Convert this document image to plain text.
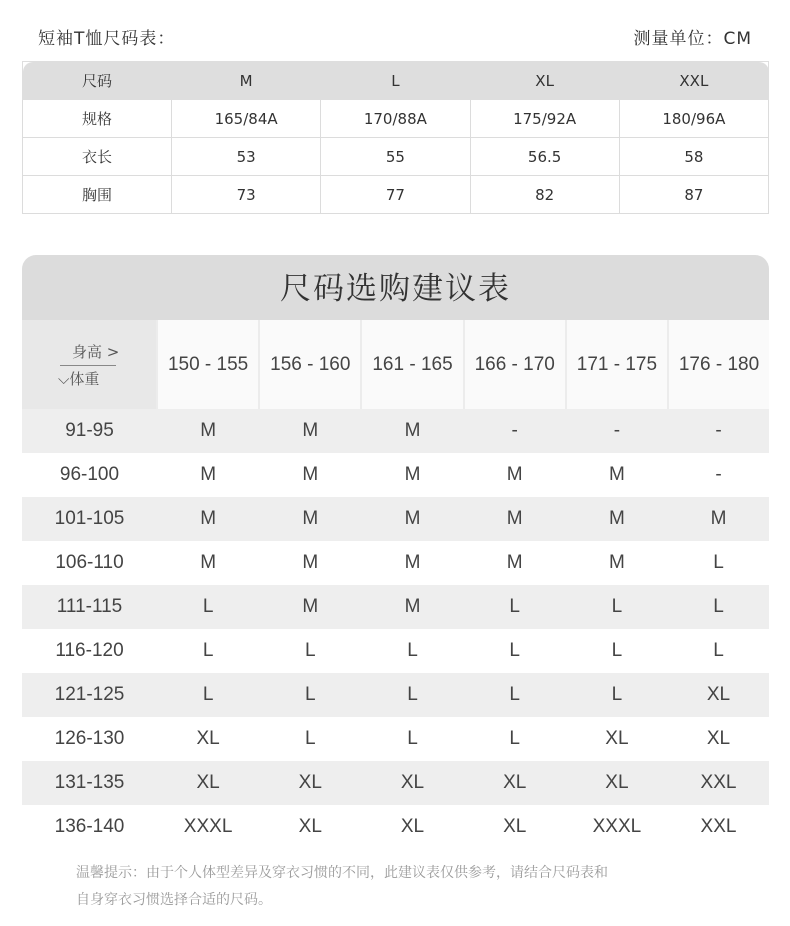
短袖T恤尺码表：	测量单位：CM
尺码	M	L	XL	XXL
规格	165/84A	170/88A	175/92A	180/96A
衣长	53	55	56.5	58
胸围	73	77	82	87
尺码选购建议表
身高 >
⌵体重	150 - 155	156 - 160	161 - 165	166 - 170	171 - 175	176 - 180
91-95	M	M	M	-	-	-
96-100	M	M	M	M	M	-
101-105	M	M	M	M	M	M
106-110	M	M	M	M	M	L
111-115	L	M	M	L	L	L
116-120	L	L	L	L	L	L
121-125	L	L	L	L	L	XL
126-130	XL	L	L	L	XL	XL
131-135	XL	XL	XL	XL	XL	XXL
136-140	XXXL	XL	XL	XL	XXXL	XXL
温馨提示：由于个人体型差异及穿衣习惯的不同，此建议表仅供参考，请结合尺码表和
自身穿衣习惯选择合适的尺码。
